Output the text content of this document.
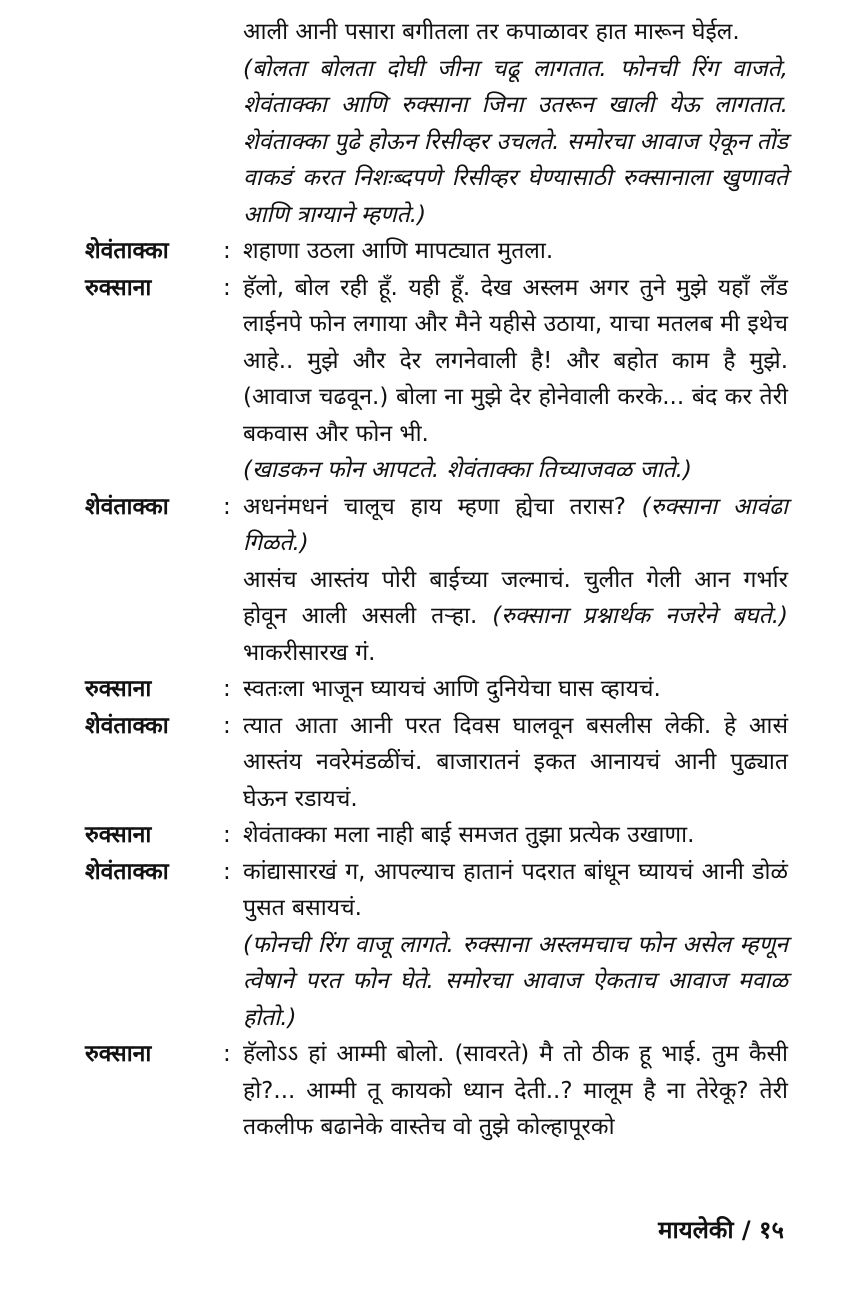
आली आनी पसारा बगीतला तर कपाळावर हात मारून घेईल.

(बोलता बोलता दोघी जीना चढू लागतात. फोनची रिंग वाजते, शेवंताक्का आणि रुक्साना जिना उतरून खाली येऊ लागतात. शेवंताक्का पुढे होऊन रिसीव्हर उचलते. समोरचा आवाज ऐकून तोंड वाकडं करत निशःब्दपणे रिसीव्हर घेण्यासाठी रुक्सानाला खुणावते आणि त्राग्याने म्हणते.)

शेवंताक्का	: शहाणा उठला आणि मापट्यात मुतला.

रुक्साना	: हॅलो, बोल रही हूँ. यही हूँ. देख अस्लम अगर तुने मुझे यहाँ लॅंड लाईनपे फोन लगाया और मैने यहीसे उठाया, याचा मतलब मी इथेच आहे.. मुझे और देर लगनेवाली है! और बहोत काम है मुझे. (आवाज चढवून.) बोला ना मुझे देर होनेवाली करके... बंद कर तेरी बकवास और फोन भी.

(खाडकन फोन आपटते. शेवंताक्का तिच्याजवळ जाते.)

शेवंताक्का	: अधनंमधनं चालूच हाय म्हणा ह्येचा तरास? (रुक्साना आवंढा गिळते.)

आसंच आस्तंय पोरी बाईच्या जल्माचं. चुलीत गेली आन गर्भार होवून आली असली तऱ्हा. (रुक्साना प्रश्नार्थक नजरेने बघते.) भाकरीसारख गं.

रुक्साना	: स्वतःला भाजून घ्यायचं आणि दुनियेचा घास व्हायचं.

शेवंताक्का	: त्यात आता आनी परत दिवस घालवून बसलीस लेकी. हे आसं आस्तंय नवरेमंडळींचं. बाजारातनं इकत आनायचं आनी पुढ्यात घेऊन रडायचं.

रुक्साना	: शेवंताक्का मला नाही बाई समजत तुझा प्रत्येक उखाणा.

शेवंताक्का	: कांद्यासारखं ग, आपल्याच हातानं पदरात बांधून घ्यायचं आनी डोळं पुसत बसायचं.

(फोनची रिंग वाजू लागते. रुक्साना अस्लमचाच फोन असेल म्हणून त्वेषाने परत फोन घेते. समोरचा आवाज ऐकताच आवाज मवाळ होतो.)

रुक्साना	: हॅलोऽऽ हां आम्मी बोलो. (सावरते) मै तो ठीक हू भाई. तुम कैसी हो?... आम्मी तू कायको ध्यान देती..? मालूम है ना तेरेकू? तेरी तकलीफ बढानेके वास्तेच वो तुझे कोल्हापूरको

मायलेकी / १५
